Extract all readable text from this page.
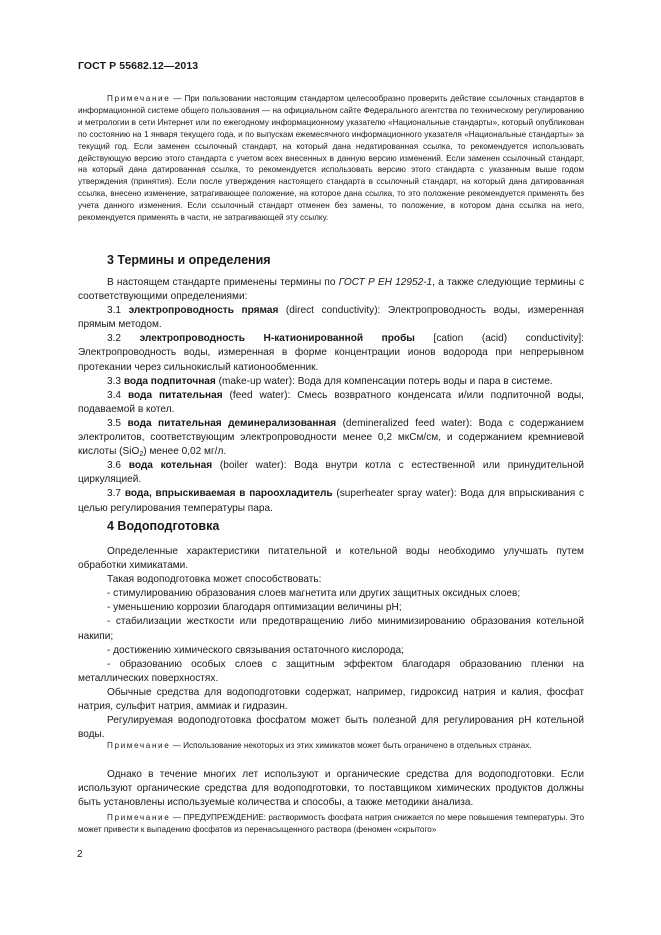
ГОСТ Р 55682.12—2013
Примечание — При пользовании настоящим стандартом целесообразно проверить действие ссылочных стандартов в информационной системе общего пользования — на официальном сайте Федерального агентства по техническому регулированию и метрологии в сети Интернет или по ежегодному информационному указателю «Национальные стандарты», который опубликован по состоянию на 1 января текущего года, и по выпускам ежемесячного информационного указателя «Национальные стандарты» за текущий год. Если заменен ссылочный стандарт, на который дана недатированная ссылка, то рекомендуется использовать действующую версию этого стандарта с учетом всех внесенных в данную версию изменений. Если заменен ссылочный стандарт, на который дана датированная ссылка, то рекомендуется использовать версию этого стандарта с указанным выше годом утверждения (принятия). Если после утверждения настоящего стандарта в ссылочный стандарт, на который дана датированная ссылка, внесено изменение, затрагивающее положение, на которое дана ссылка, то это положение рекомендуется применять без учета данного изменения. Если ссылочный стандарт отменен без замены, то положение, в котором дана ссылка на него, рекомендуется применять в части, не затрагивающей эту ссылку.
3 Термины и определения

В настоящем стандарте применены термины по ГОСТ Р ЕН 12952-1, а также следующие термины с соответствующими определениями:

3.1 электропроводность прямая (direct conductivity): Электропроводность воды, измеренная прямым методом.

3.2 электропроводность Н-катионированной пробы [cation (acid) conductivity]: Электропроводность воды, измеренная в форме концентрации ионов водорода при непрерывном протекании через сильнокислый катионообменник.

3.3 вода подпиточная (make-up water): Вода для компенсации потерь воды и пара в системе.

3.4 вода питательная (feed water): Смесь возвратного конденсата и/или подпиточной воды, подаваемой в котел.

3.5 вода питательная деминерализованная (demineralized feed water): Вода с содержанием электролитов, соответствующим электропроводности менее 0,2 мкСм/см, и содержанием кремниевой кислоты (SiO$_2$) менее 0,02 мг/л.

3.6 вода котельная (boiler water): Вода внутри котла с естественной или принудительной циркуляцией.

3.7 вода, впрыскиваемая в пароохладитель (superheater spray water): Вода для впрыскивания с целью регулирования температуры пара.

4 Водоподготовка

Определенные характеристики питательной и котельной воды необходимо улучшать путем обработки химикатами.

Такая водоподготовка может способствовать:

- стимулированию образования слоев магнетита или других защитных оксидных слоев;

- уменьшению коррозии благодаря оптимизации величины рН;

- стабилизации жесткости или предотвращению либо минимизированию образования котельной накипи;

- достижению химического связывания остаточного кислорода;

- образованию особых слоев с защитным эффектом благодаря образованию пленки на металлических поверхностях.

Обычные средства для водоподготовки содержат, например, гидроксид натрия и калия, фосфат натрия, сульфит натрия, аммиак и гидразин.

Регулируемая водоподготовка фосфатом может быть полезной для регулирования рН котельной воды.

Примечание — Использование некоторых из этих химикатов может быть ограничено в отдельных странах.
Однако в течение многих лет используют и органические средства для водоподготовки. Если используют органические средства для водоподготовки, то поставщиком химических продуктов должны быть установлены используемые количества и способы, а также методики анализа.
Примечание — ПРЕДУПРЕЖДЕНИЕ: растворимость фосфата натрия снижается по мере повышения температуры. Это может привести к выпадению фосфатов из перенасыщенного раствора (феномен «скрытого»
2
